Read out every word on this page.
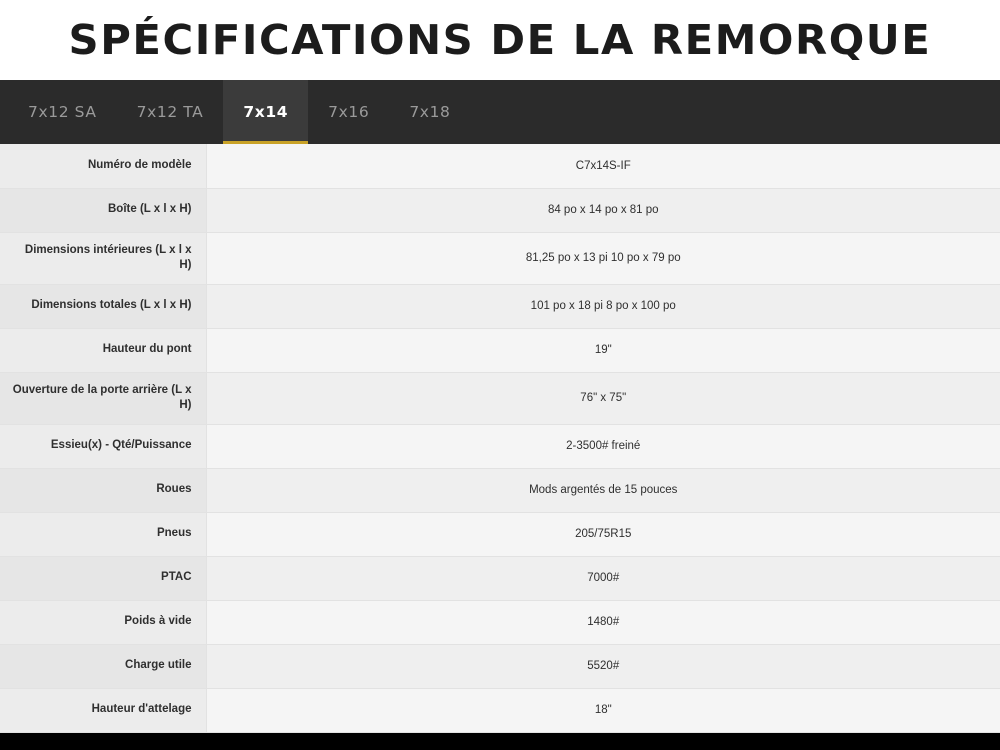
SPÉCIFICATIONS DE LA REMORQUE
7x12 SA	7x12 TA	7x14	7x16	7x18
Numéro de modèle	C7x14S-IF
Boîte (L x l x H)	84 po x 14 po x 81 po
Dimensions intérieures (L x l x H)	81,25 po x 13 pi 10 po x 79 po
Dimensions totales (L x l x H)	101 po x 18 pi 8 po x 100 po
Hauteur du pont	19"
Ouverture de la porte arrière (L x H)	76" x 75"
Essieu(x) - Qté/Puissance	2-3500# freiné
Roues	Mods argentés de 15 pouces
Pneus	205/75R15
PTAC	7000#
Poids à vide	1480#
Charge utile	5520#
Hauteur d'attelage	18"
